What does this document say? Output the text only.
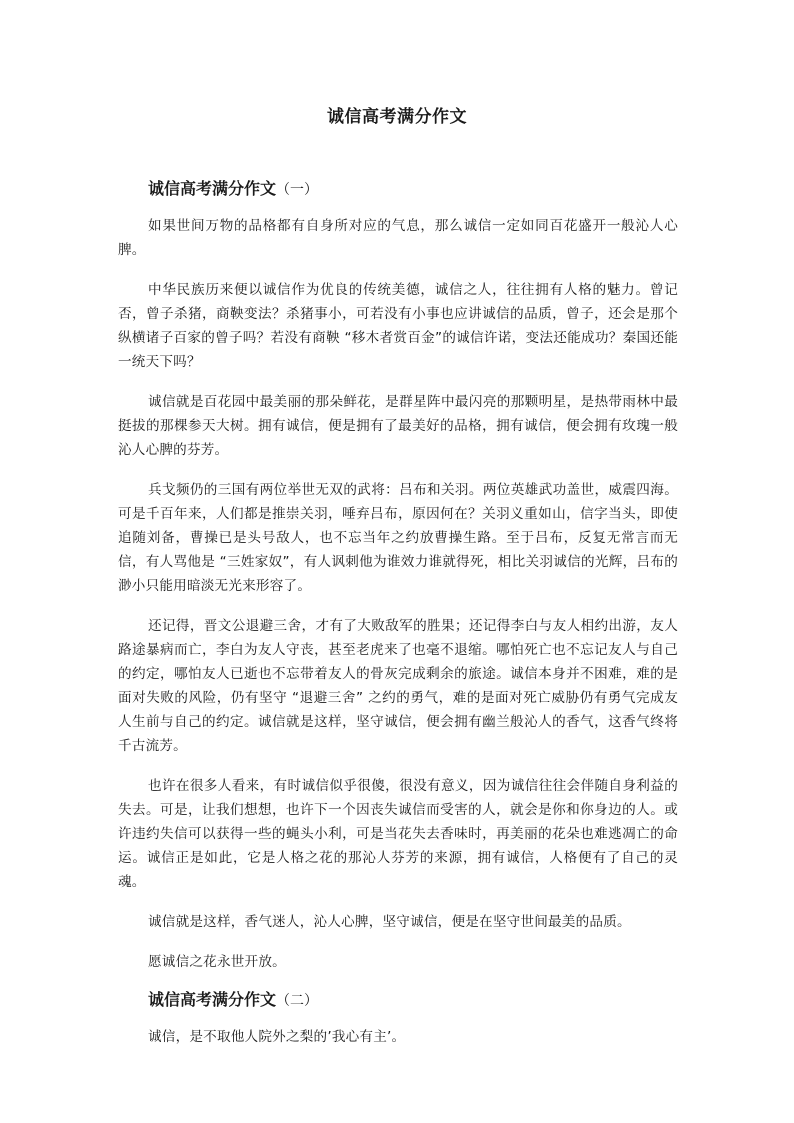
诚信高考满分作文
诚信高考满分作文（一）

如果世间万物的品格都有自身所对应的气息，那么诚信一定如同百花盛开一般沁人心脾。

中华民族历来便以诚信作为优良的传统美德，诚信之人，往往拥有人格的魅力。曾记否，曾子杀猪，商鞅变法？杀猪事小，可若没有小事也应讲诚信的品质，曾子，还会是那个纵横诸子百家的曾子吗？若没有商鞅 “移木者赏百金”的诚信许诺，变法还能成功？秦国还能一统天下吗？

诚信就是百花园中最美丽的那朵鲜花，是群星阵中最闪亮的那颗明星，是热带雨林中最挺拔的那棵参天大树。拥有诚信，便是拥有了最美好的品格，拥有诚信，便会拥有玫瑰一般沁人心脾的芬芳。

兵戈频仍的三国有两位举世无双的武将：吕布和关羽。两位英雄武功盖世，威震四海。可是千百年来，人们都是推崇关羽，唾弃吕布，原因何在？关羽义重如山，信字当头，即使追随刘备，曹操已是头号敌人，也不忘当年之约放曹操生路。至于吕布，反复无常言而无信，有人骂他是 “三姓家奴”，有人讽刺他为谁效力谁就得死，相比关羽诚信的光辉，吕布的渺小只能用暗淡无光来形容了。

还记得，晋文公退避三舍，才有了大败敌军的胜果；还记得李白与友人相约出游，友人路途暴病而亡，李白为友人守丧，甚至老虎来了也毫不退缩。哪怕死亡也不忘记友人与自己的约定，哪怕友人已逝也不忘带着友人的骨灰完成剩余的旅途。诚信本身并不困难，难的是面对失败的风险，仍有坚守 “退避三舍” 之约的勇气，难的是面对死亡威胁仍有勇气完成友人生前与自己的约定。诚信就是这样，坚守诚信，便会拥有幽兰般沁人的香气，这香气终将千古流芳。

也许在很多人看来，有时诚信似乎很傻，很没有意义，因为诚信往往会伴随自身利益的失去。可是，让我们想想，也许下一个因丧失诚信而受害的人，就会是你和你身边的人。或许违约失信可以获得一些的蝇头小利，可是当花失去香味时，再美丽的花朵也难逃凋亡的命运。诚信正是如此，它是人格之花的那沁人芬芳的来源，拥有诚信，人格便有了自己的灵魂。

诚信就是这样，香气迷人，沁人心脾，坚守诚信，便是在坚守世间最美的品质。

愿诚信之花永世开放。

诚信高考满分作文（二）

诚信，是不取他人院外之梨的’我心有主’。
